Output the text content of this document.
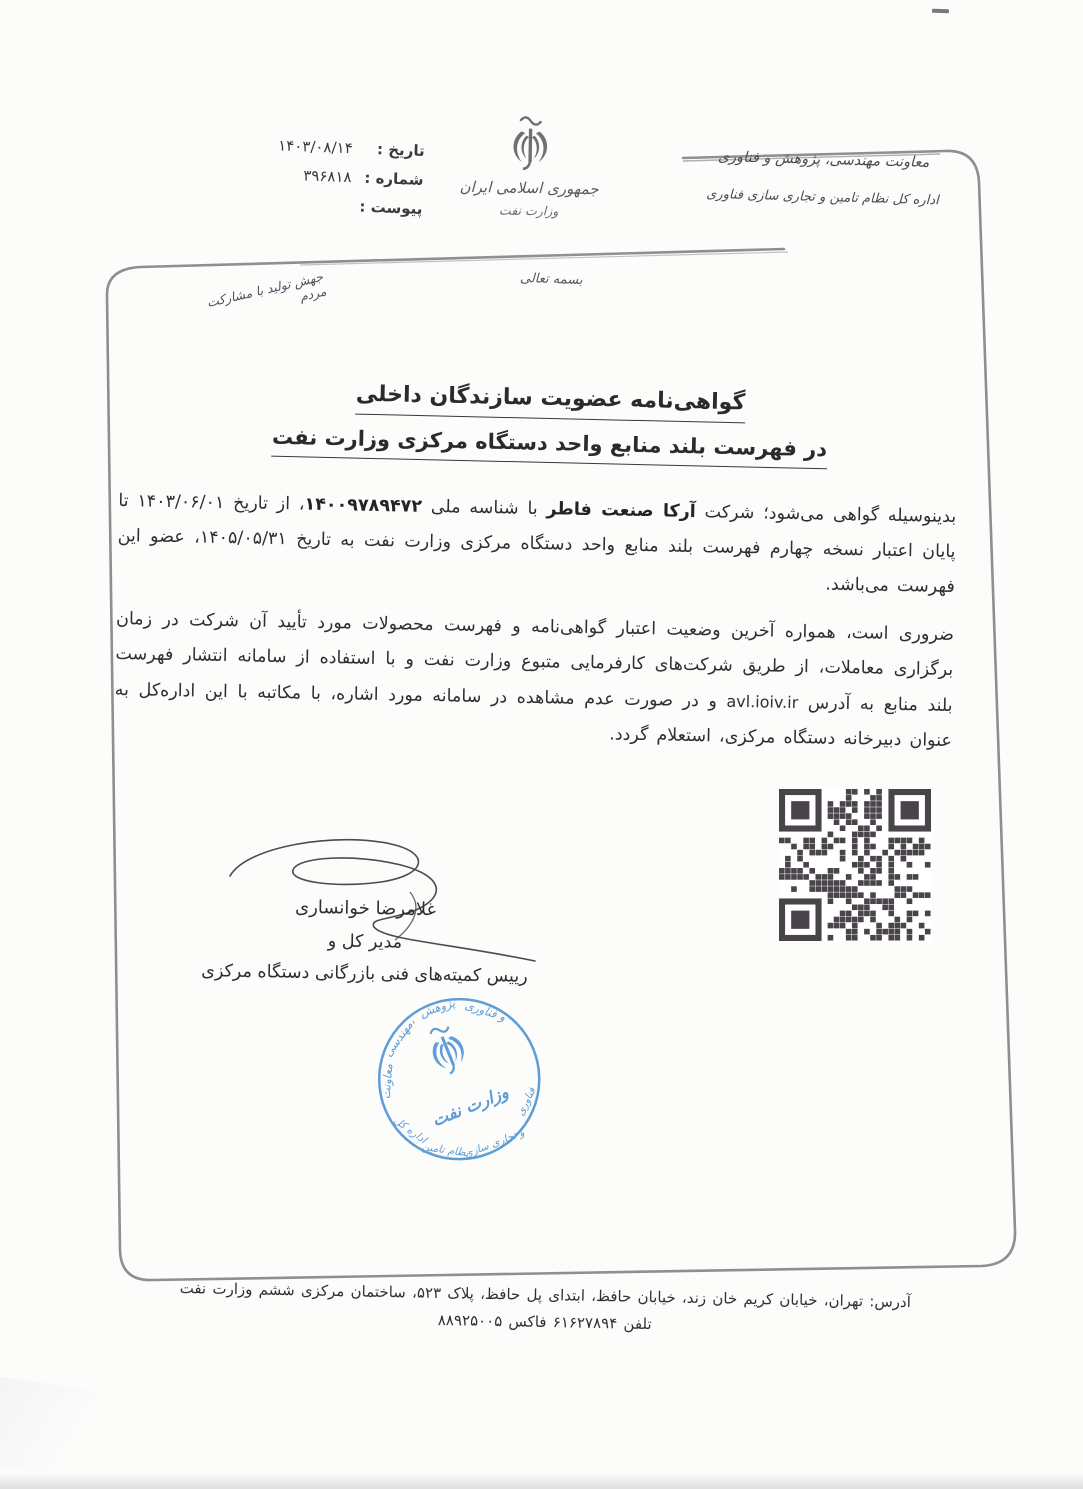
تاریخ :
۱۴۰۳/۰۸/۱۴
شماره :
۳۹۶۸۱۸
پیوست :
جمهوری اسلامی ایران
وزارت نفت
معاونت مهندسی، پژوهش و فناوری
اداره کل نظام تامین و تجاری سازی فناوری
بسمه تعالی
جهش تولید با مشارکت مردم
گواهی‌نامه عضویت سازندگان داخلی
در فهرست بلند منابع واحد دستگاه مرکزی وزارت نفت

بدینوسیله گواهی می‌شود؛ شرکت آرکا صنعت فاطر با شناسه ملی ۱۴۰۰۹۷۸۹۴۷۲، از تاریخ ۱۴۰۳/۰۶/۰۱ تا پایان اعتبار نسخه چهارم فهرست بلند منابع واحد دستگاه مرکزی وزارت نفت به تاریخ ۱۴۰۵/۰۵/۳۱، عضو این فهرست می‌باشد.

ضروری است، همواره آخرین وضعیت اعتبار گواهی‌نامه و فهرست محصولات مورد تأیید آن شرکت در زمان برگزاری معاملات، از طریق شرکت‌های کارفرمایی متبوع وزارت نفت و با استفاده از سامانه انتشار فهرست بلند منابع به آدرس avl.ioiv.ir و در صورت عدم مشاهده در سامانه مورد اشاره، با مکاتبه با این اداره‌کل به عنوان دبیرخانه دستگاه مرکزی، استعلام گردد.

غلامرضا خوانساری
مدیر کل و
رییس کمیته‌های فنی بازرگانی دستگاه مرکزی
وزارت نفت
معاونت
مهندسی،
پژوهش و فناوری
اداره کل
نظام تامین
و تجاری سازی
فناوری
آدرس: تهران، خیابان کریم خان زند، خیابان حافظ، ابتدای پل حافظ، پلاک ۵۲۳، ساختمان مرکزی ششم وزارت نفت
تلفن ۶۱۶۲۷۸۹۴ فاکس ۸۸۹۲۵۰۰۵
